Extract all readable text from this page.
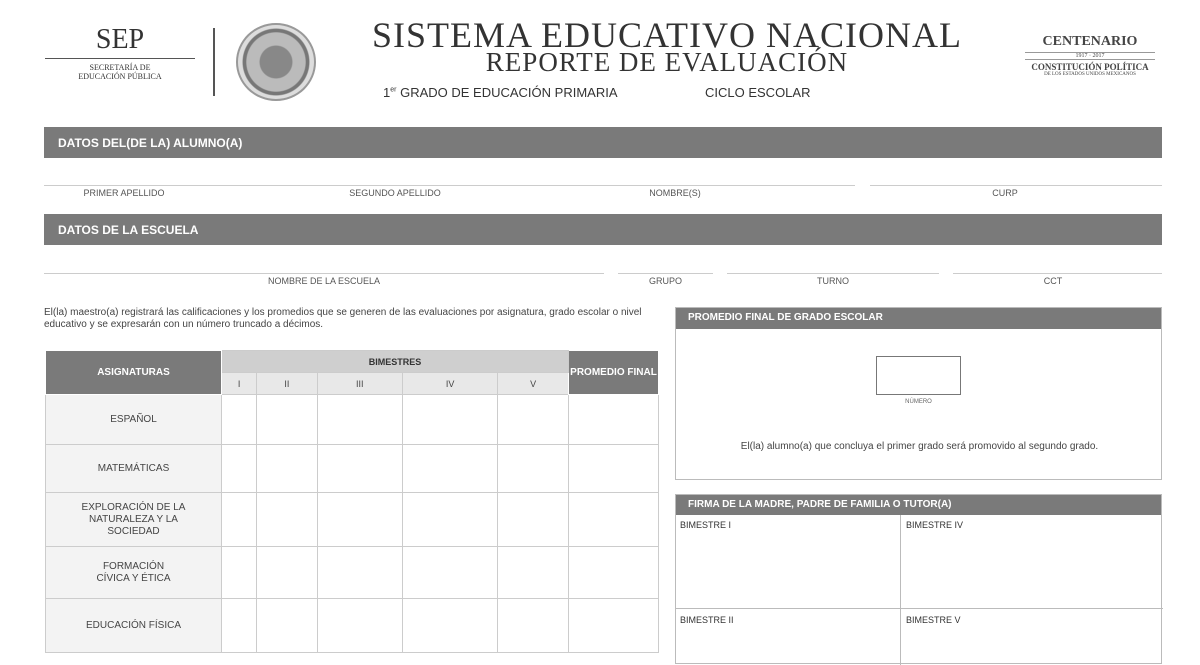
SEP
SECRETARÍA DE
EDUCACIÓN PÚBLICA
SISTEMA EDUCATIVO NACIONAL
REPORTE DE EVALUACIÓN
1er GRADO DE EDUCACIÓN PRIMARIA	CICLO ESCOLAR
CENTENARIO
1917 · 2017
CONSTITUCIÓN POLÍTICA
DE LOS ESTADOS UNIDOS MEXICANOS
DATOS DEL(DE LA) ALUMNO(A)
PRIMER APELLIDO	SEGUNDO APELLIDO	NOMBRE(S)	CURP
DATOS DE LA ESCUELA
NOMBRE DE LA ESCUELA	GRUPO	TURNO	CCT
El(la) maestro(a) registrará las calificaciones y los promedios que se generen de las evaluaciones por asignatura, grado escolar o nivel educativo y se expresarán con un número truncado a décimos.
ASIGNATURAS	BIMESTRES					PROMEDIO FINAL
	I	II	III	IV	V	
ESPAÑOL						
MATEMÁTICAS						
EXPLORACIÓN DE LA NATURALEZA Y LA SOCIEDAD						
FORMACIÓN CÍVICA Y ÉTICA						
EDUCACIÓN FÍSICA						
PROMEDIO FINAL DE GRADO ESCOLAR
NÚMERO
El(la) alumno(a) que concluya el primer grado será promovido al segundo grado.
FIRMA DE LA MADRE, PADRE DE FAMILIA O TUTOR(A)
BIMESTRE I	BIMESTRE IV
BIMESTRE II	BIMESTRE V
